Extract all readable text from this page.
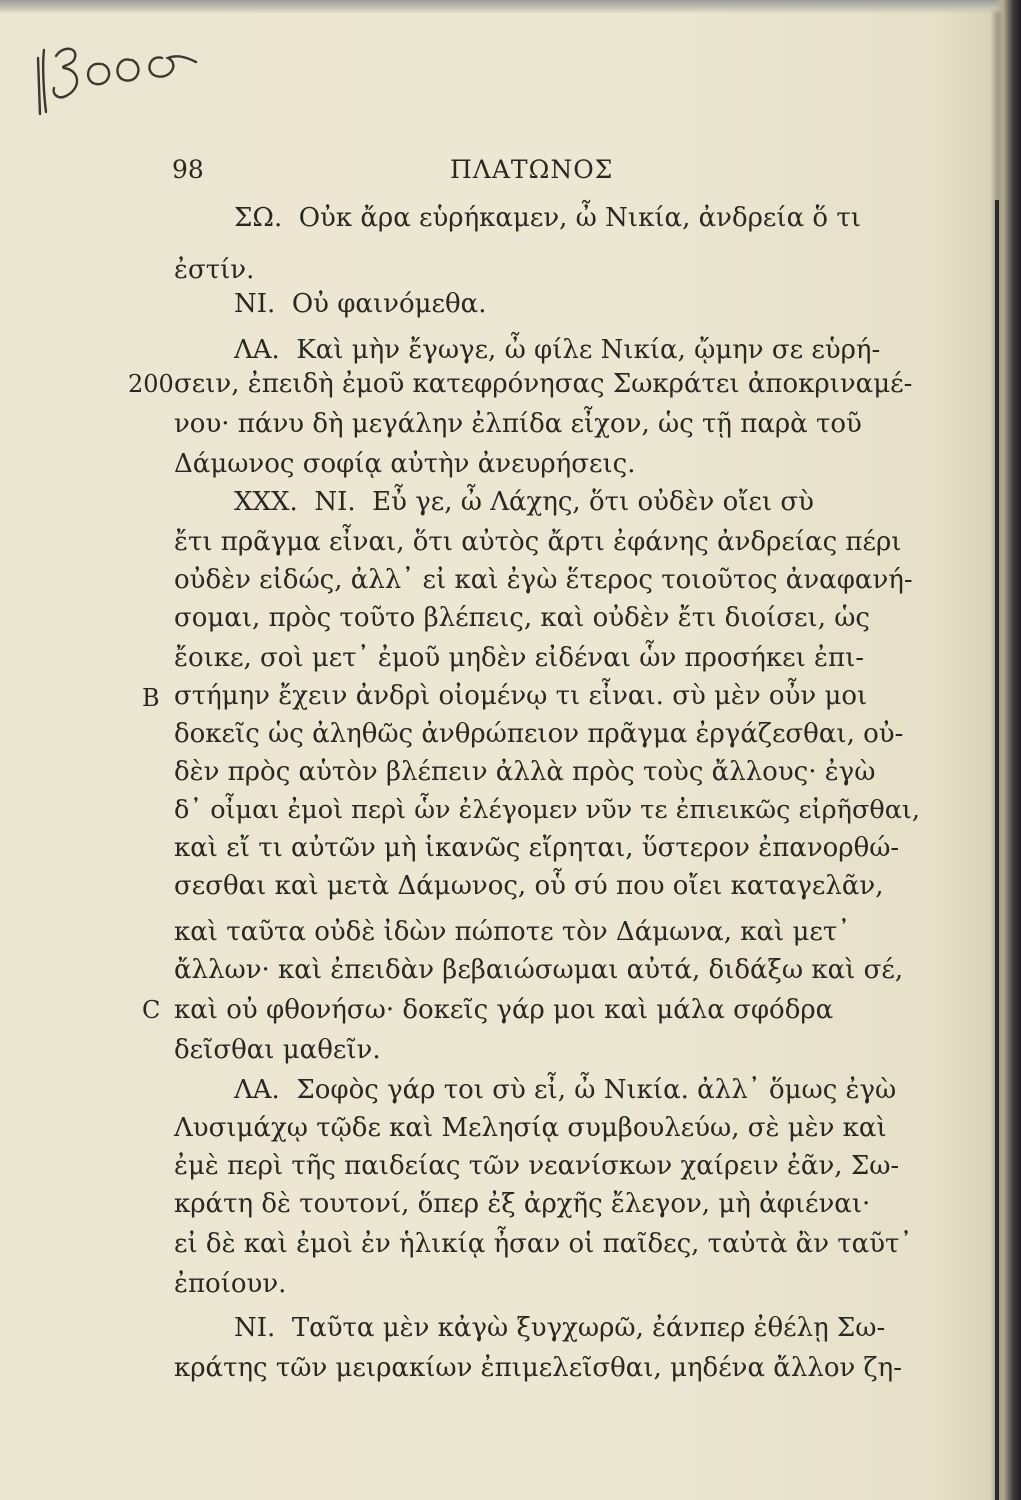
98	ΠΛΑΤΩΝΟΣ
200
B
C
ΣΩ.  Οὐκ ἄρα εὑρήκαμεν, ὦ Νικία, ἀνδρεία ὅ τι
ἐστίν.
ΝΙ.  Οὐ φαινόμεθα.
ΛΑ.  Καὶ μὴν ἔγωγε, ὦ φίλε Νικία, ᾤμην σε εὑρή-
σειν, ἐπειδὴ ἐμοῦ κατεφρόνησας Σωκράτει ἀποκριναμέ-
νου· πάνυ δὴ μεγάλην ἐλπίδα εἶχον, ὡς τῇ παρὰ τοῦ
Δάμωνος σοφίᾳ αὐτὴν ἀνευρήσεις.
XXX.  ΝΙ.  Εὖ γε, ὦ Λάχης, ὅτι οὐδὲν οἴει σὺ
ἔτι πρᾶγμα εἶναι, ὅτι αὐτὸς ἄρτι ἐφάνης ἀνδρείας πέρι
οὐδὲν εἰδώς, ἀλλ᾽ εἰ καὶ ἐγὼ ἕτερος τοιοῦτος ἀναφανή-
σομαι, πρὸς τοῦτο βλέπεις, καὶ οὐδὲν ἔτι διοίσει, ὡς
ἔοικε, σοὶ μετ᾽ ἐμοῦ μηδὲν εἰδέναι ὧν προσήκει ἐπι-
στήμην ἔχειν ἀνδρὶ οἰομένῳ τι εἶναι. σὺ μὲν οὖν μοι
δοκεῖς ὡς ἀληθῶς ἀνθρώπειον πρᾶγμα ἐργάζεσθαι, οὐ-
δὲν πρὸς αὑτὸν βλέπειν ἀλλὰ πρὸς τοὺς ἄλλους· ἐγὼ
δ᾽ οἶμαι ἐμοὶ περὶ ὧν ἐλέγομεν νῦν τε ἐπιεικῶς εἰρῆσθαι,
καὶ εἴ τι αὐτῶν μὴ ἱκανῶς εἴρηται, ὕστερον ἐπανορθώ-
σεσθαι καὶ μετὰ Δάμωνος, οὗ σύ που οἴει καταγελᾶν,
καὶ ταῦτα οὐδὲ ἰδὼν πώποτε τὸν Δάμωνα, καὶ μετ᾽
ἄλλων· καὶ ἐπειδὰν βεβαιώσωμαι αὐτά, διδάξω καὶ σέ,
καὶ οὐ φθονήσω· δοκεῖς γάρ μοι καὶ μάλα σφόδρα
δεῖσθαι μαθεῖν.
ΛΑ.  Σοφὸς γάρ τοι σὺ εἶ, ὦ Νικία. ἀλλ᾽ ὅμως ἐγὼ
Λυσιμάχῳ τῷδε καὶ Μελησίᾳ συμβουλεύω, σὲ μὲν καὶ
ἐμὲ περὶ τῆς παιδείας τῶν νεανίσκων χαίρειν ἐᾶν, Σω-
κράτη δὲ τουτονί, ὅπερ ἐξ ἀρχῆς ἔλεγον, μὴ ἀφιέναι·
εἰ δὲ καὶ ἐμοὶ ἐν ἡλικίᾳ ἦσαν οἱ παῖδες, ταὐτὰ ἂν ταῦτ᾽
ἐποίουν.
ΝΙ.  Ταῦτα μὲν κἀγὼ ξυγχωρῶ, ἐάνπερ ἐθέλῃ Σω-
κράτης τῶν μειρακίων ἐπιμελεῖσθαι, μηδένα ἄλλον ζη-
